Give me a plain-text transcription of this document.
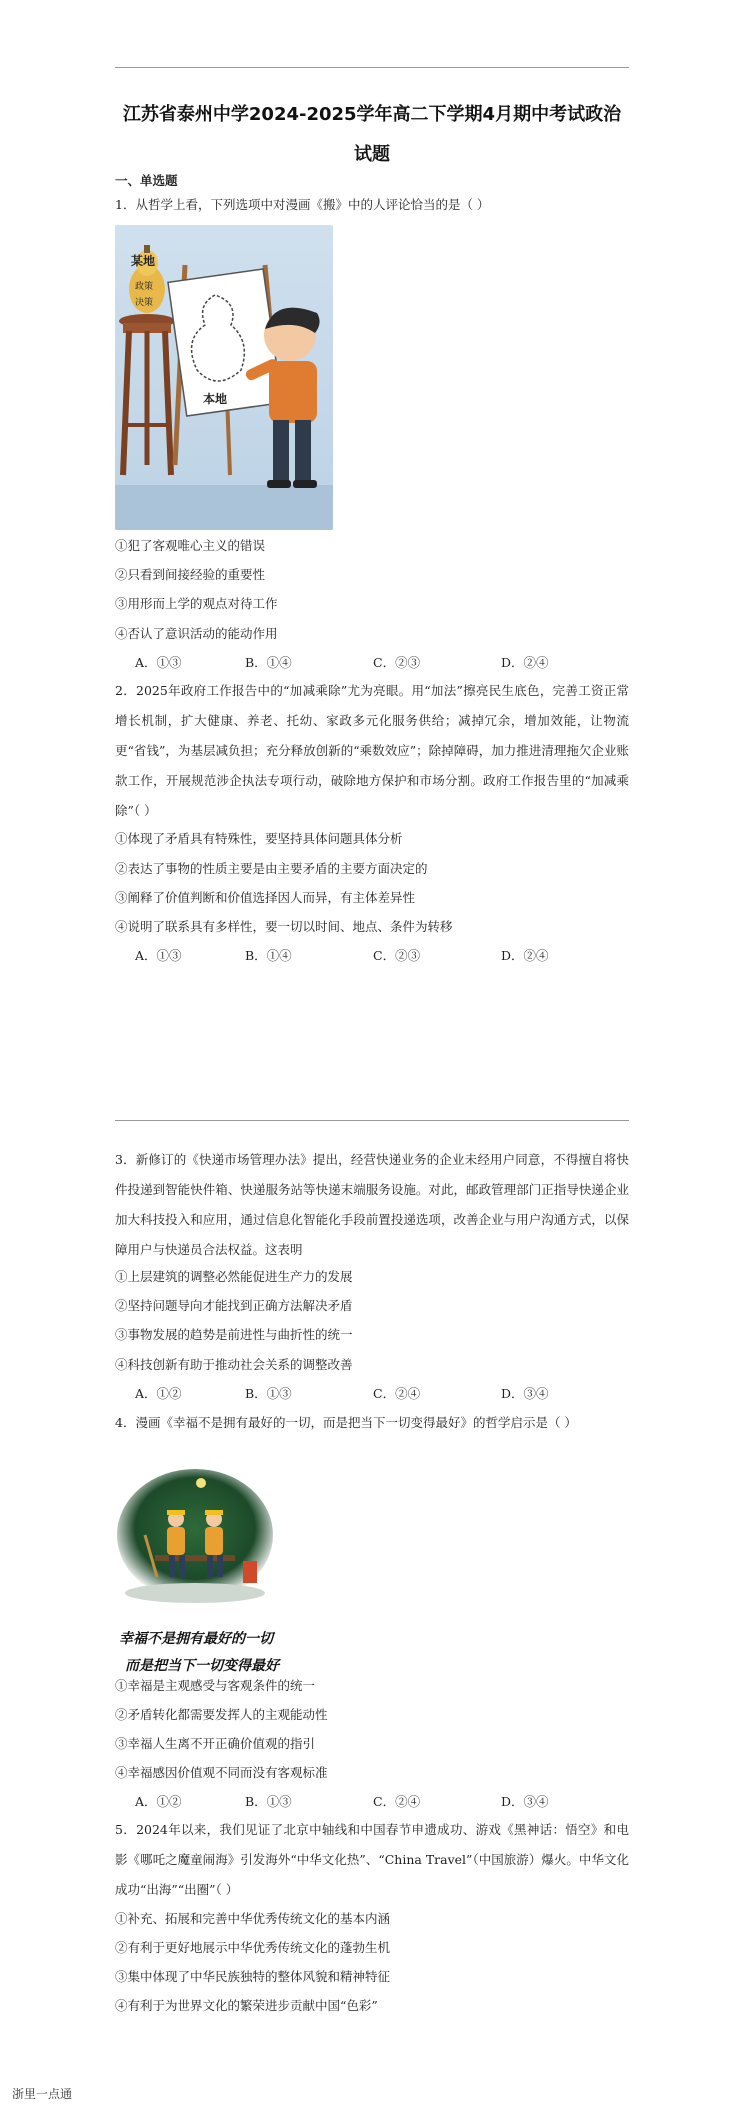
江苏省泰州中学2024-2025学年高二下学期4月期中考试政治
试题
一、单选题
1．从哲学上看，下列选项中对漫画《搬》中的人评论恰当的是（ ）
某地
政策
决策
本地
①犯了客观唯心主义的错误
②只看到间接经验的重要性
③用形而上学的观点对待工作
④否认了意识活动的能动作用
A．①③	B．①④	C．②③	D．②④
2．2025年政府工作报告中的“加减乘除”尤为亮眼。用“加法”擦亮民生底色，完善工资正常增长机制，扩大健康、养老、托幼、家政多元化服务供给；减掉冗余，增加效能，让物流更“省钱”，为基层减负担；充分释放创新的“乘数效应”；除掉障碍，加力推进清理拖欠企业账款工作，开展规范涉企执法专项行动，破除地方保护和市场分割。政府工作报告里的“加减乘除”（ ）
①体现了矛盾具有特殊性，要坚持具体问题具体分析
②表达了事物的性质主要是由主要矛盾的主要方面决定的
③阐释了价值判断和价值选择因人而异，有主体差异性
④说明了联系具有多样性，要一切以时间、地点、条件为转移
A．①③	B．①④	C．②③	D．②④
3．新修订的《快递市场管理办法》提出，经营快递业务的企业未经用户同意，不得擅自将快件投递到智能快件箱、快递服务站等快递末端服务设施。对此，邮政管理部门正指导快递企业加大科技投入和应用，通过信息化智能化手段前置投递选项，改善企业与用户沟通方式，以保障用户与快递员合法权益。这表明
①上层建筑的调整必然能促进生产力的发展
②坚持问题导向才能找到正确方法解决矛盾
③事物发展的趋势是前进性与曲折性的统一
④科技创新有助于推动社会关系的调整改善
A．①②	B．①③	C．②④	D．③④
4．漫画《幸福不是拥有最好的一切，而是把当下一切变得最好》的哲学启示是（ ）
幸福不是拥有最好的一切
而是把当下一切变得最好
①幸福是主观感受与客观条件的统一
②矛盾转化都需要发挥人的主观能动性
③幸福人生离不开正确价值观的指引
④幸福感因价值观不同而没有客观标准
A．①②	B．①③	C．②④	D．③④
5．2024年以来，我们见证了北京中轴线和中国春节申遗成功、游戏《黑神话：悟空》和电影《哪吒之魔童闹海》引发海外“中华文化热”、“China Travel”（中国旅游）爆火。中华文化成功“出海”“出圈”（ ）
①补充、拓展和完善中华优秀传统文化的基本内涵
②有利于更好地展示中华优秀传统文化的蓬勃生机
③集中体现了中华民族独特的整体风貌和精神特征
④有利于为世界文化的繁荣进步贡献中国“色彩”
浙里一点通
